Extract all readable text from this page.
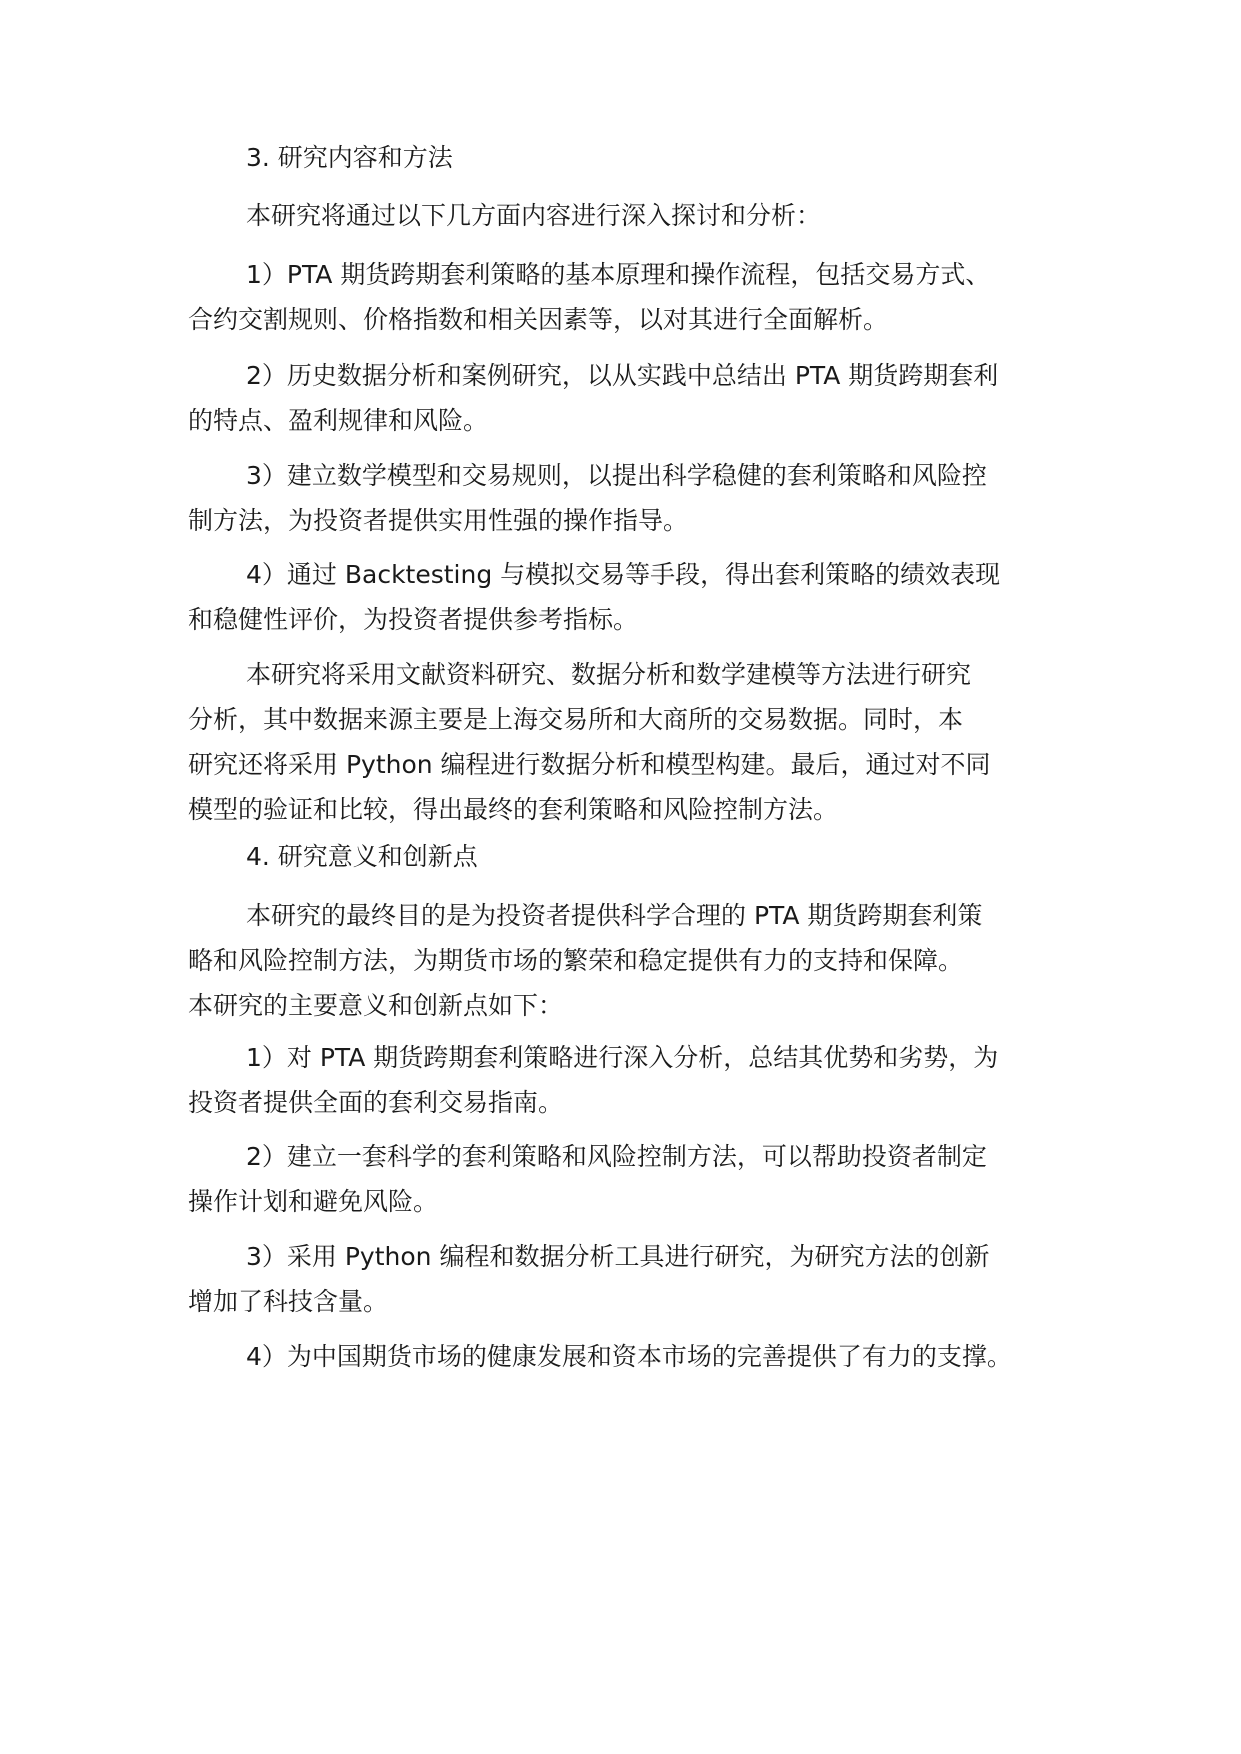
3. 研究内容和方法
本研究将通过以下几方面内容进行深入探讨和分析：
1）PTA 期货跨期套利策略的基本原理和操作流程，包括交易方式、
合约交割规则、价格指数和相关因素等，以对其进行全面解析。
2）历史数据分析和案例研究，以从实践中总结出 PTA 期货跨期套利
的特点、盈利规律和风险。
3）建立数学模型和交易规则，以提出科学稳健的套利策略和风险控
制方法，为投资者提供实用性强的操作指导。
4）通过 Backtesting 与模拟交易等手段，得出套利策略的绩效表现
和稳健性评价，为投资者提供参考指标。
本研究将采用文献资料研究、数据分析和数学建模等方法进行研究
分析，其中数据来源主要是上海交易所和大商所的交易数据。同时，本
研究还将采用 Python 编程进行数据分析和模型构建。最后，通过对不同
模型的验证和比较，得出最终的套利策略和风险控制方法。
4. 研究意义和创新点
本研究的最终目的是为投资者提供科学合理的 PTA 期货跨期套利策
略和风险控制方法，为期货市场的繁荣和稳定提供有力的支持和保障。
本研究的主要意义和创新点如下：
1）对 PTA 期货跨期套利策略进行深入分析，总结其优势和劣势，为
投资者提供全面的套利交易指南。
2）建立一套科学的套利策略和风险控制方法，可以帮助投资者制定
操作计划和避免风险。
3）采用 Python 编程和数据分析工具进行研究，为研究方法的创新
增加了科技含量。
4）为中国期货市场的健康发展和资本市场的完善提供了有力的支撑。
